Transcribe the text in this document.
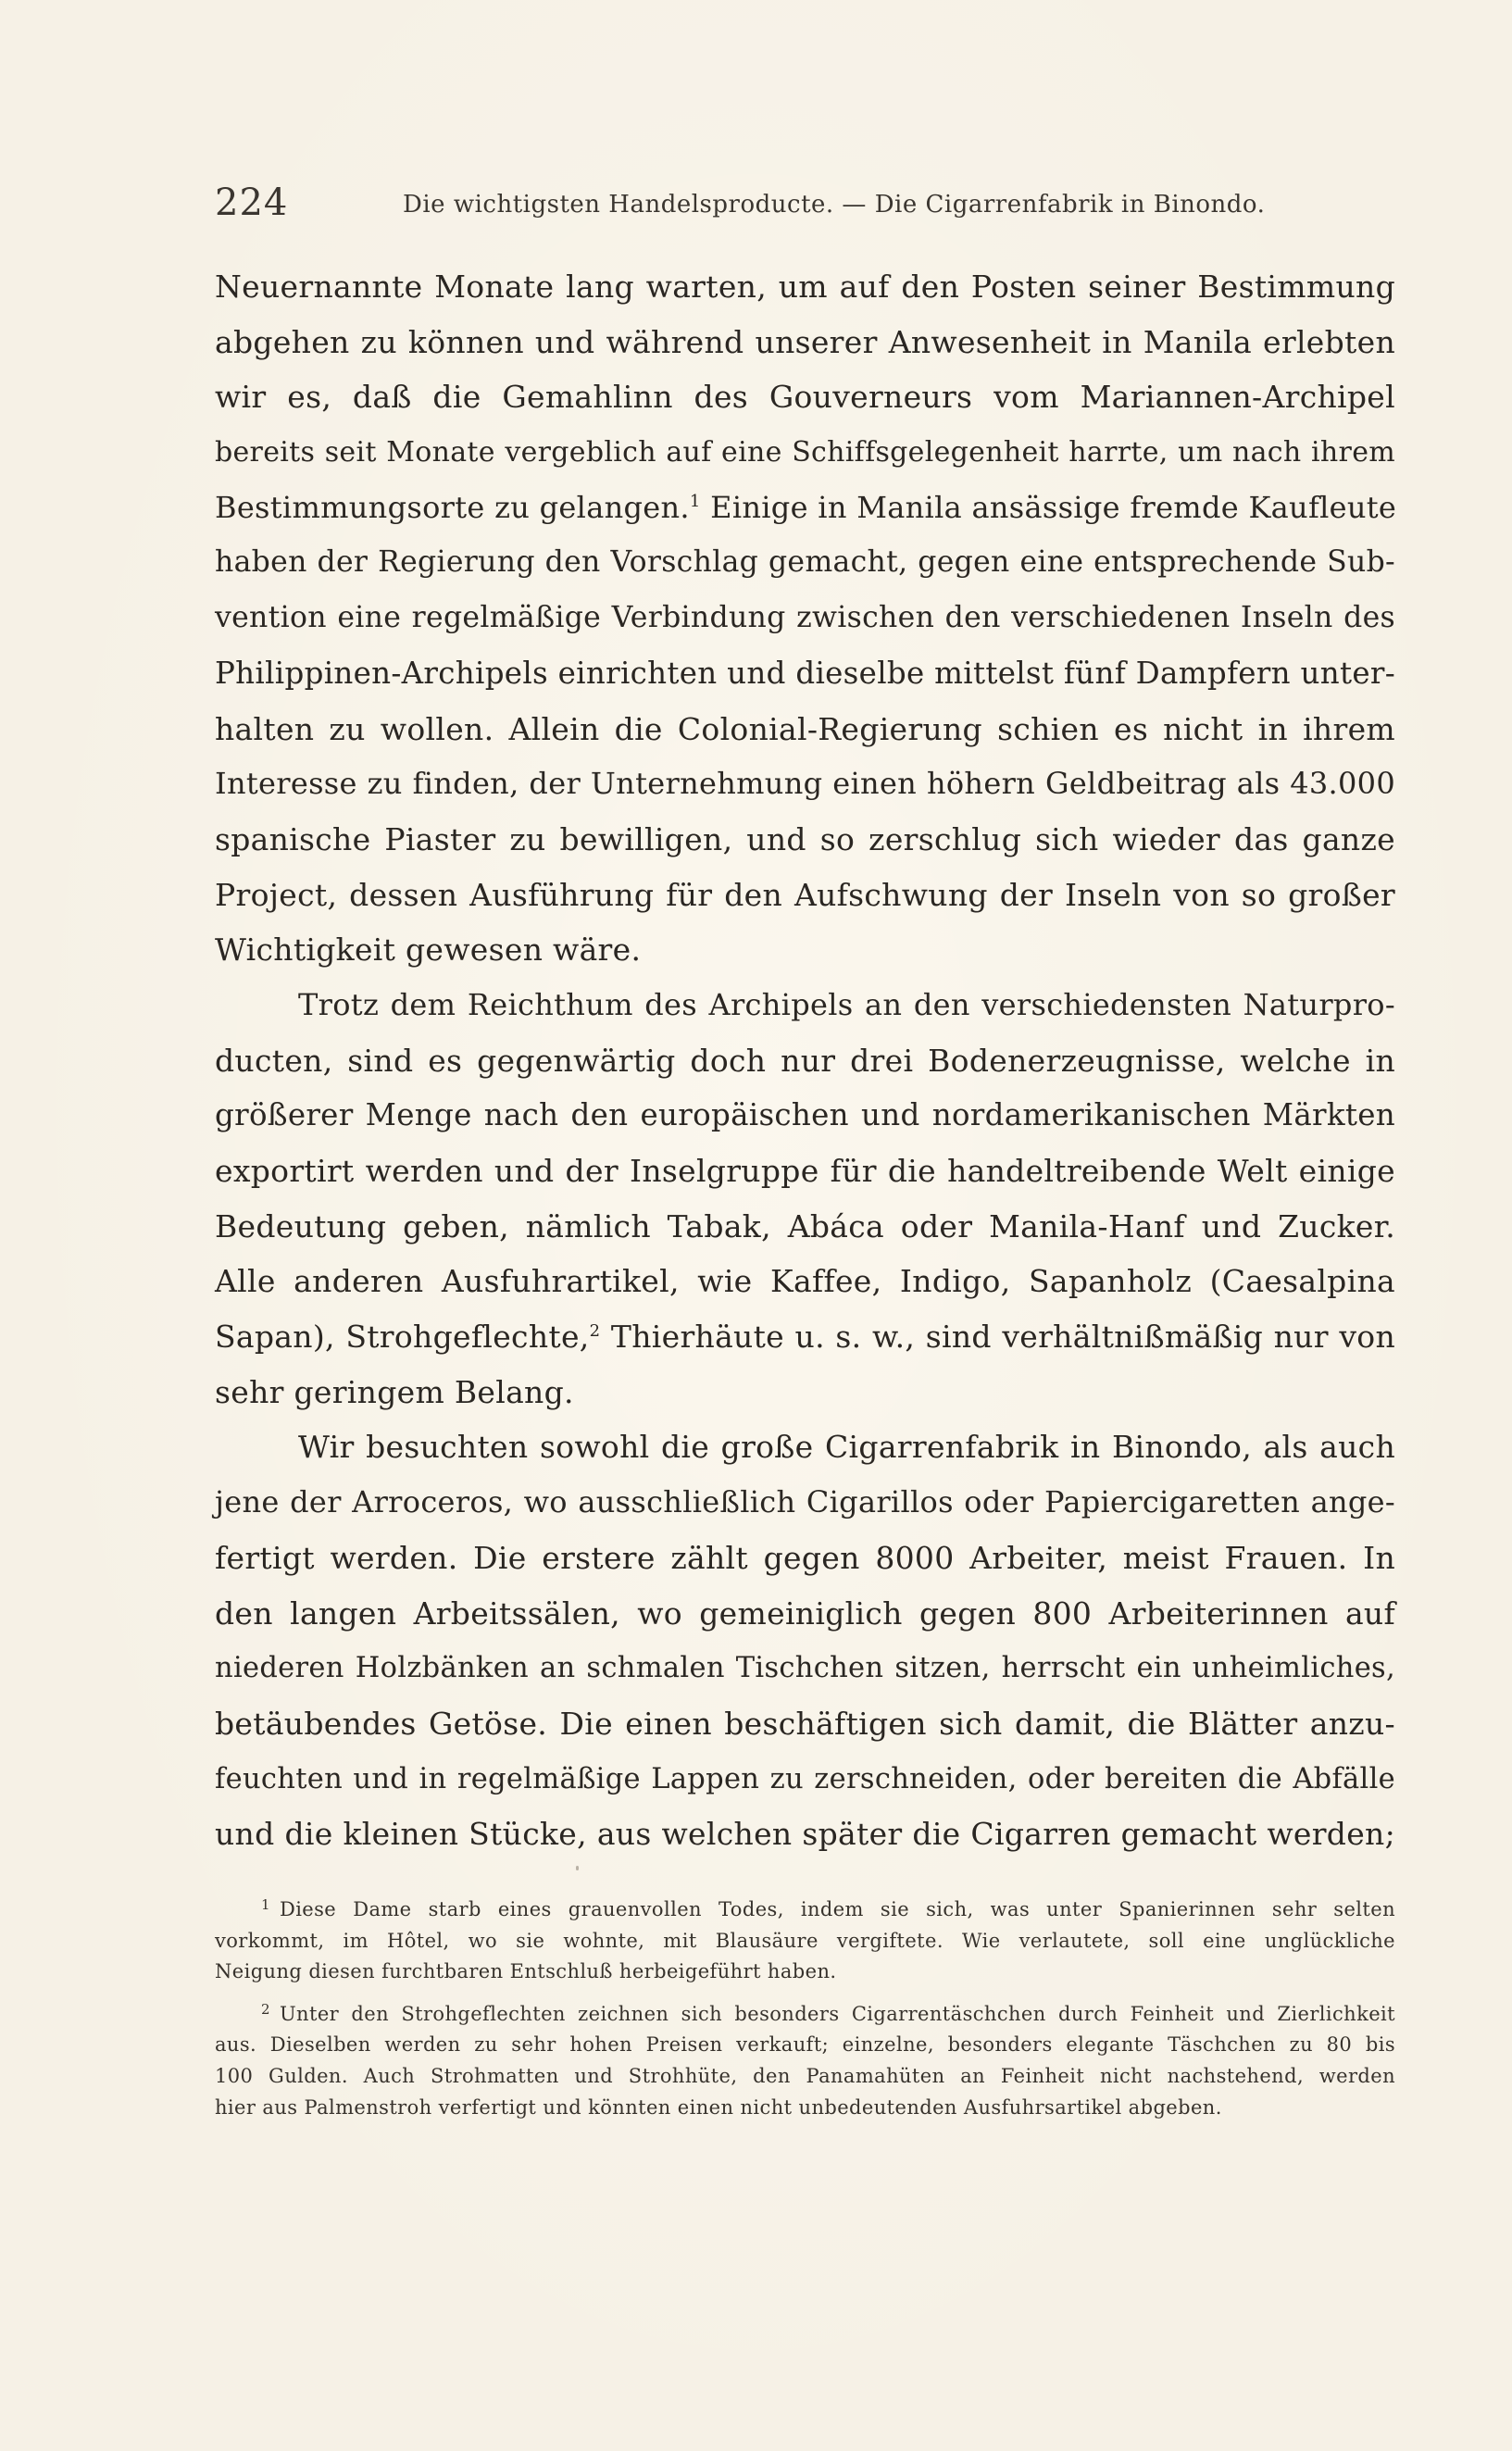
224	Die wichtigsten Handelsproducte. — Die Cigarrenfabrik in Binondo.
Neuernannte Monate lang warten, um auf den Posten seiner Bestimmung
abgehen zu können und während unserer Anwesenheit in Manila erlebten
wir es, daß die Gemahlinn des Gouverneurs vom Mariannen-Archipel
bereits seit Monate vergeblich auf eine Schiffsgelegenheit harrte, um nach ihrem
Bestimmungsorte zu gelangen.$^1$ Einige in Manila ansässige fremde Kaufleute
haben der Regierung den Vorschlag gemacht, gegen eine entsprechende Sub-
vention eine regelmäßige Verbindung zwischen den verschiedenen Inseln des
Philippinen-Archipels einrichten und dieselbe mittelst fünf Dampfern unter-
halten zu wollen. Allein die Colonial-Regierung schien es nicht in ihrem
Interesse zu finden, der Unternehmung einen höhern Geldbeitrag als 43.000
spanische Piaster zu bewilligen, und so zerschlug sich wieder das ganze
Project, dessen Ausführung für den Aufschwung der Inseln von so großer
Wichtigkeit gewesen wäre.
Trotz dem Reichthum des Archipels an den verschiedensten Naturpro-
ducten, sind es gegenwärtig doch nur drei Bodenerzeugnisse, welche in
größerer Menge nach den europäischen und nordamerikanischen Märkten
exportirt werden und der Inselgruppe für die handeltreibende Welt einige
Bedeutung geben, nämlich Tabak, Abáca oder Manila-Hanf und Zucker.
Alle anderen Ausfuhrartikel, wie Kaffee, Indigo, Sapanholz (Caesalpina
Sapan), Strohgeflechte,$^2$ Thierhäute u. s. w., sind verhältnißmäßig nur von
sehr geringem Belang.
Wir besuchten sowohl die große Cigarrenfabrik in Binondo, als auch
jene der Arroceros, wo ausschließlich Cigarillos oder Papiercigaretten ange-
fertigt werden. Die erstere zählt gegen 8000 Arbeiter, meist Frauen. In
den langen Arbeitssälen, wo gemeiniglich gegen 800 Arbeiterinnen auf
niederen Holzbänken an schmalen Tischchen sitzen, herrscht ein unheimliches,
betäubendes Getöse. Die einen beschäftigen sich damit, die Blätter anzu-
feuchten und in regelmäßige Lappen zu zerschneiden, oder bereiten die Abfälle
und die kleinen Stücke, aus welchen später die Cigarren gemacht werden;
$^1$ Diese Dame starb eines grauenvollen Todes, indem sie sich, was unter Spanierinnen sehr selten
vorkommt, im Hôtel, wo sie wohnte, mit Blausäure vergiftete. Wie verlautete, soll eine unglückliche
Neigung diesen furchtbaren Entschluß herbeigeführt haben.
$^2$ Unter den Strohgeflechten zeichnen sich besonders Cigarrentäschchen durch Feinheit und Zierlichkeit
aus. Dieselben werden zu sehr hohen Preisen verkauft; einzelne, besonders elegante Täschchen zu 80 bis
100 Gulden. Auch Strohmatten und Strohhüte, den Panamahüten an Feinheit nicht nachstehend, werden
hier aus Palmenstroh verfertigt und könnten einen nicht unbedeutenden Ausfuhrsartikel abgeben.
